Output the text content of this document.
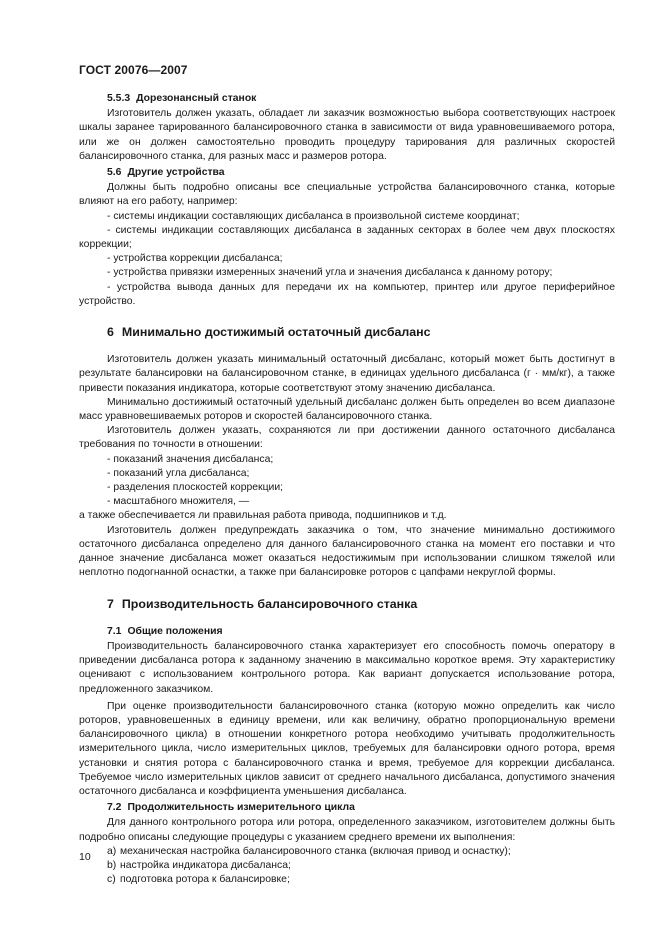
ГОСТ 20076—2007
5.5.3 Дорезонансный станок

Изготовитель должен указать, обладает ли заказчик возможностью выбора соответствующих настроек шкалы заранее тарированного балансировочного станка в зависимости от вида уравновешиваемого ротора, или же он должен самостоятельно проводить процедуру тарирования для различных скоростей балансировочного станка, для разных масс и размеров ротора.

5.6 Другие устройства

Должны быть подробно описаны все специальные устройства балансировочного станка, которые влияют на его работу, например:

- системы индикации составляющих дисбаланса в произвольной системе координат;

- системы индикации составляющих дисбаланса в заданных секторах в более чем двух плоскостях коррекции;

- устройства коррекции дисбаланса;

- устройства привязки измеренных значений угла и значения дисбаланса к данному ротору;

- устройства вывода данных для передачи их на компьютер, принтер или другое периферийное устройство.

6 Минимально достижимый остаточный дисбаланс

Изготовитель должен указать минимальный остаточный дисбаланс, который может быть достигнут в результате балансировки на балансировочном станке, в единицах удельного дисбаланса (г · мм/кг), а также привести показания индикатора, которые соответствуют этому значению дисбаланса.

Минимально достижимый остаточный удельный дисбаланс должен быть определен во всем диапазоне масс уравновешиваемых роторов и скоростей балансировочного станка.

Изготовитель должен указать, сохраняются ли при достижении данного остаточного дисбаланса требования по точности в отношении:

- показаний значения дисбаланса;

- показаний угла дисбаланса;

- разделения плоскостей коррекции;

- масштабного множителя, —

а также обеспечивается ли правильная работа привода, подшипников и т.д.

Изготовитель должен предупреждать заказчика о том, что значение минимально достижимого остаточного дисбаланса определено для данного балансировочного станка на момент его поставки и что данное значение дисбаланса может оказаться недостижимым при использовании слишком тяжелой или неплотно подогнанной оснастки, а также при балансировке роторов с цапфами некруглой формы.

7 Производительность балансировочного станка
7.1 Общие положения

Производительность балансировочного станка характеризует его способность помочь оператору в приведении дисбаланса ротора к заданному значению в максимально короткое время. Эту характеристику оценивают с использованием контрольного ротора. Как вариант допускается использование ротора, предложенного заказчиком.

При оценке производительности балансировочного станка (которую можно определить как число роторов, уравновешенных в единицу времени, или как величину, обратно пропорциональную времени балансировочного цикла) в отношении конкретного ротора необходимо учитывать продолжительность измерительного цикла, число измерительных циклов, требуемых для балансировки одного ротора, время установки и снятия ротора с балансировочного станка и время, требуемое для коррекции дисбаланса. Требуемое число измерительных циклов зависит от среднего начального дисбаланса, допустимого значения остаточного дисбаланса и коэффициента уменьшения дисбаланса.

7.2 Продолжительность измерительного цикла

Для данного контрольного ротора или ротора, определенного заказчиком, изготовителем должны быть подробно описаны следующие процедуры с указанием среднего времени их выполнения:

a) механическая настройка балансировочного станка (включая привод и оснастку);

b) настройка индикатора дисбаланса;

c) подготовка ротора к балансировке;

10
